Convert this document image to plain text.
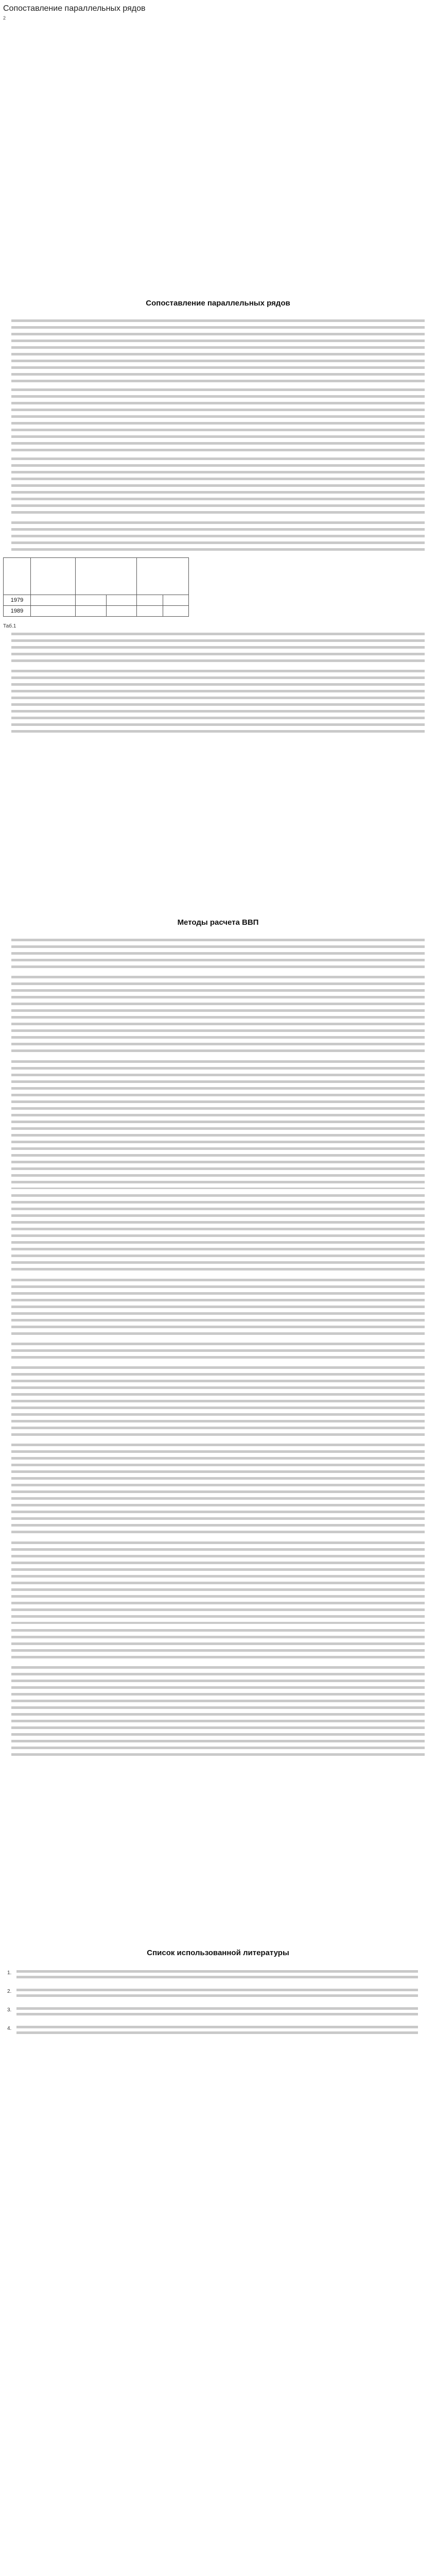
Сопоставление параллельных рядов
2
Сопоставление параллельных рядов

1979					
1989					
Таб.1
Методы расчета ВВП
Список использованной литературы
1.
2.
3.
4.
